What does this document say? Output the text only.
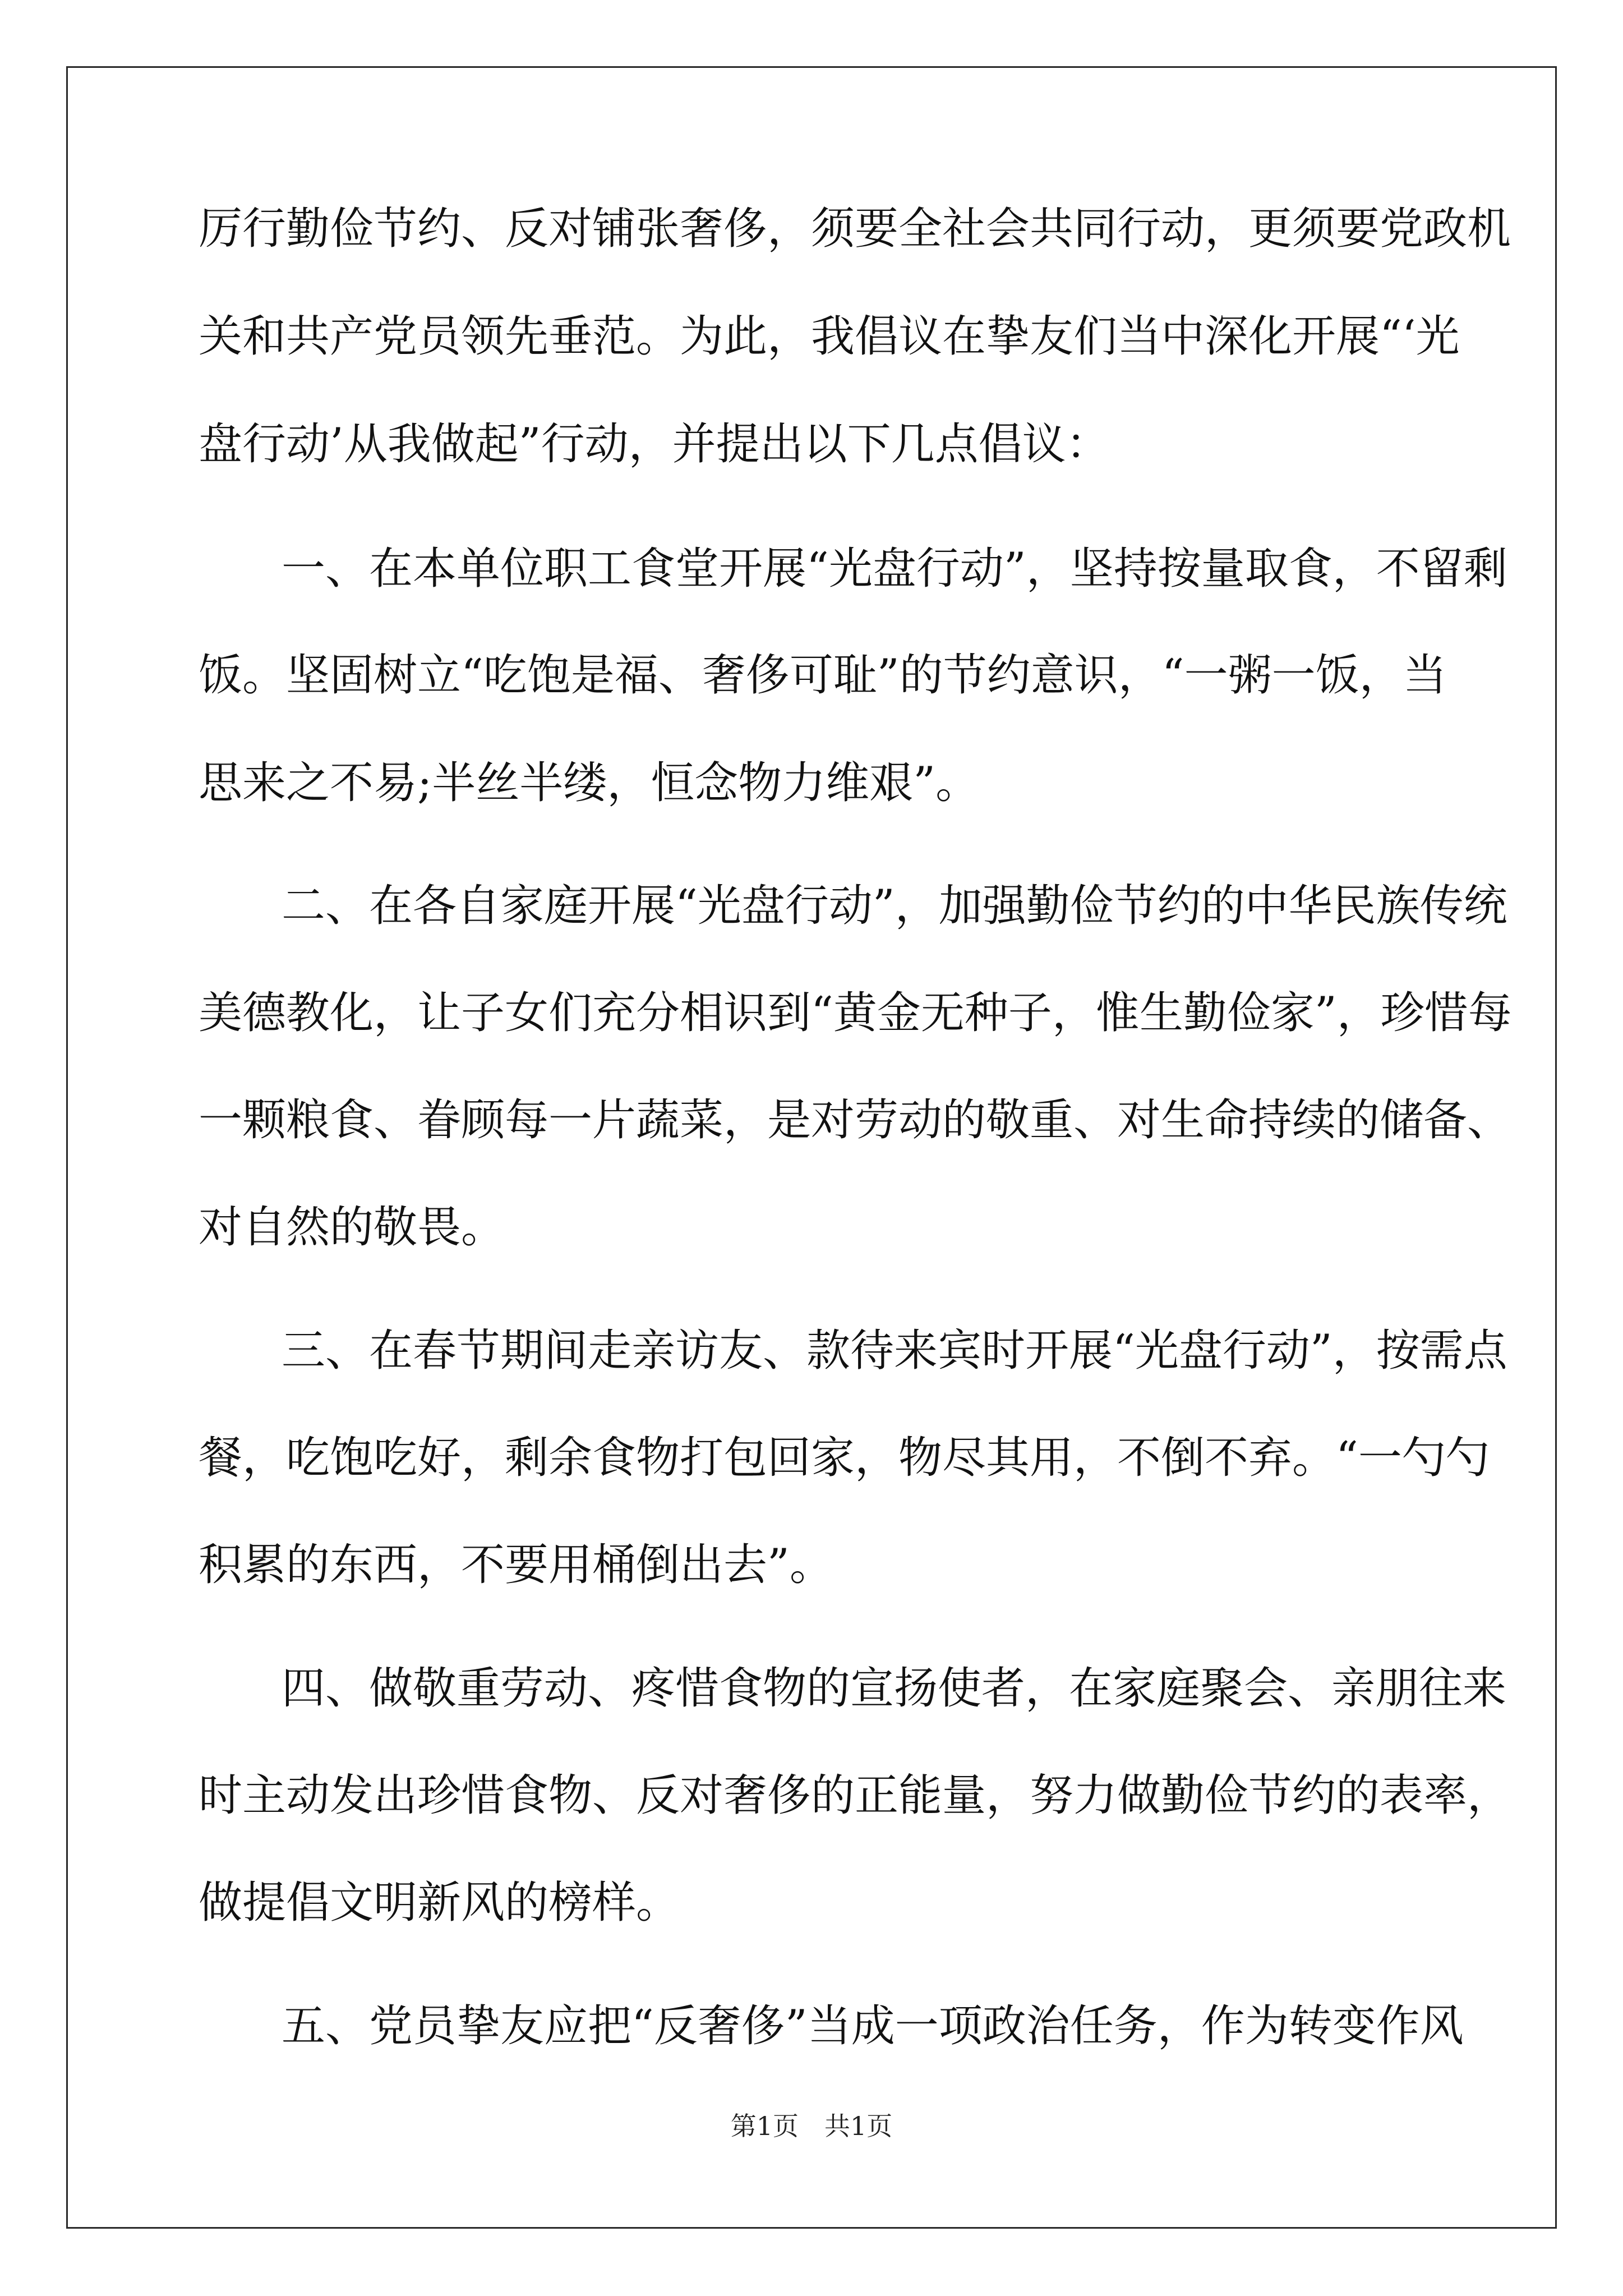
厉行勤俭节约、反对铺张奢侈，须要全社会共同行动，更须要党政机
关和共产党员领先垂范。为此，我倡议在挚友们当中深化开展“‘光
盘行动’从我做起”行动，并提出以下几点倡议：
一、在本单位职工食堂开展“光盘行动”，坚持按量取食，不留剩
饭。坚固树立“吃饱是福、奢侈可耻”的节约意识，“一粥一饭，当
思来之不易;半丝半缕，恒念物力维艰”。
二、在各自家庭开展“光盘行动”，加强勤俭节约的中华民族传统
美德教化，让子女们充分相识到“黄金无种子，惟生勤俭家”，珍惜每
一颗粮食、眷顾每一片蔬菜，是对劳动的敬重、对生命持续的储备、
对自然的敬畏。
三、在春节期间走亲访友、款待来宾时开展“光盘行动”，按需点
餐，吃饱吃好，剩余食物打包回家，物尽其用，不倒不弃。“一勺勺
积累的东西，不要用桶倒出去”。
四、做敬重劳动、疼惜食物的宣扬使者，在家庭聚会、亲朋往来
时主动发出珍惜食物、反对奢侈的正能量，努力做勤俭节约的表率，
做提倡文明新风的榜样。
五、党员挚友应把“反奢侈”当成一项政治任务，作为转变作风
第1页　共1页
